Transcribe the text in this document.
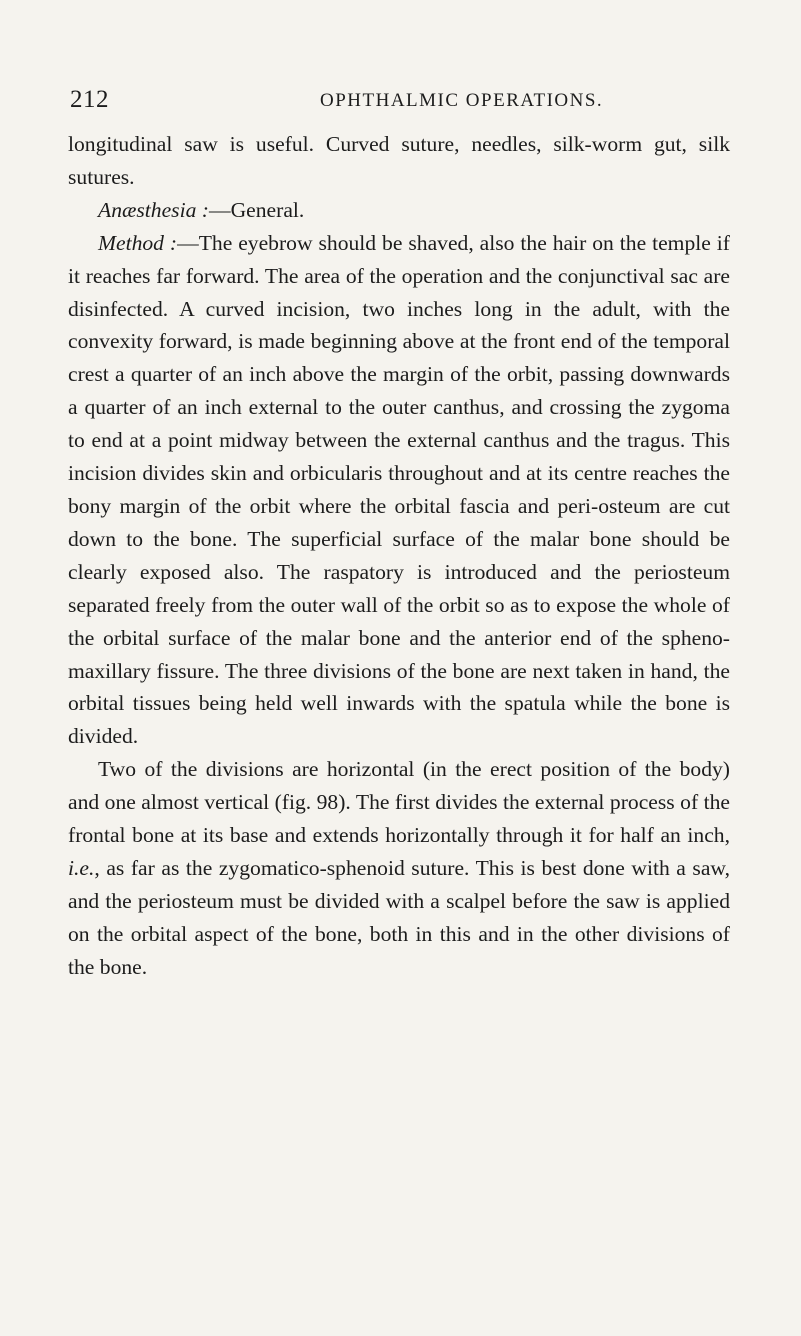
212	OPHTHALMIC OPERATIONS.

longitudinal saw is useful. Curved suture, needles, silk-worm gut, silk sutures.

Anæsthesia :—General.

Method :—The eyebrow should be shaved, also the hair on the temple if it reaches far forward. The area of the operation and the conjunctival sac are disinfected. A curved incision, two inches long in the adult, with the convexity forward, is made beginning above at the front end of the temporal crest a quarter of an inch above the margin of the orbit, passing downwards a quarter of an inch external to the outer canthus, and crossing the zygoma to end at a point midway between the external canthus and the tragus. This incision divides skin and orbicularis throughout and at its centre reaches the bony margin of the orbit where the orbital fascia and peri-osteum are cut down to the bone. The superficial surface of the malar bone should be clearly exposed also. The raspatory is introduced and the periosteum separated freely from the outer wall of the orbit so as to expose the whole of the orbital surface of the malar bone and the anterior end of the spheno-maxillary fissure. The three divisions of the bone are next taken in hand, the orbital tissues being held well inwards with the spatula while the bone is divided.

Two of the divisions are horizontal (in the erect position of the body) and one almost vertical (fig. 98). The first divides the external process of the frontal bone at its base and extends horizontally through it for half an inch, i.e., as far as the zygomatico-sphenoid suture. This is best done with a saw, and the periosteum must be divided with a scalpel before the saw is applied on the orbital aspect of the bone, both in this and in the other divisions of the bone.
